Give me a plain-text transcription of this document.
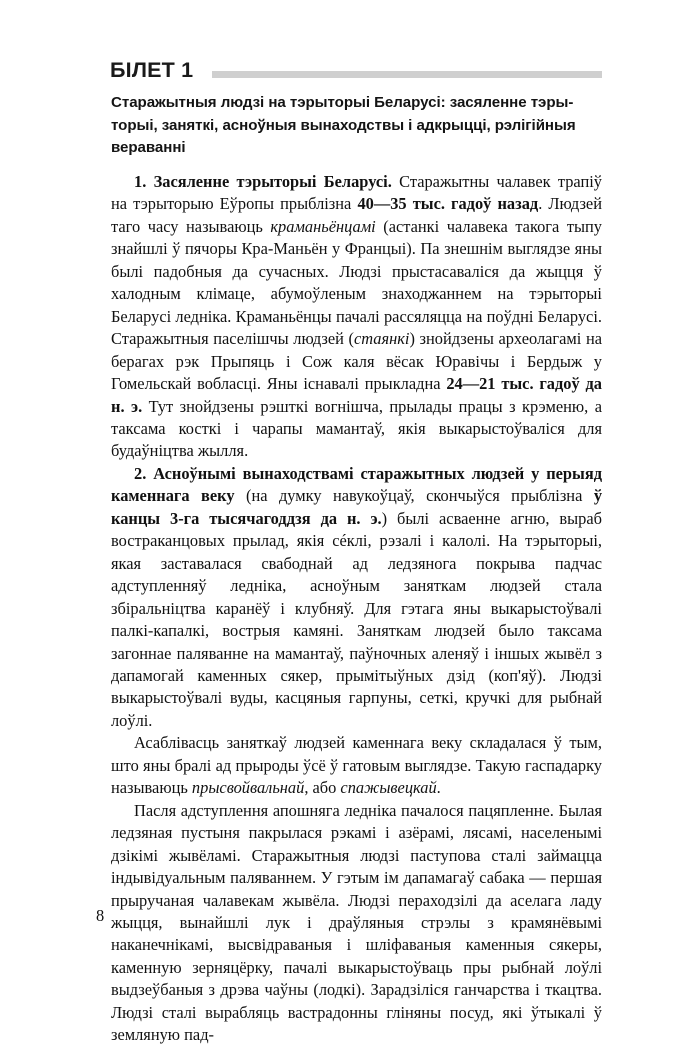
БІЛЕТ 1
Старажытныя людзі на тэрыторыі Беларусі: засяленне тэрыторыі, заняткі, асноўныя вынаходствы і адкрыцці, рэлігійныя вераванні

1. Засяленне тэрыторыі Беларусі. Старажытны чалавек трапіў на тэрыторыю Еўропы прыблізна 40—35 тыс. гадоў назад. Людзей таго часу называюць краманьёнцамі (астанкі чалавека такога тыпу знайшлі ў пячоры Кра-Маньён у Францыі). Па знешнім выглядзе яны былі падобныя да сучасных. Людзі прыстасаваліся да жыцця ў халодным клімаце, абумоўленым знаходжаннем на тэрыторыі Беларусі ледніка. Краманьёнцы пачалі рассяляцца на поўдні Беларусі. Старажытныя паселішчы людзей (стаянкі) знойдзены археолагамі на берагах рэк Прыпяць і Сож каля вёсак Юравічы і Бердыж у Гомельскай вобласці. Яны існавалі прыкладна 24—21 тыс. гадоў да н. э. Тут знойдзены рэшткі вогнішча, прылады працы з крэменю, а таксама косткі і чарапы мамантаў, якія выкарыстоўваліся для будаўніцтва жылля.

2. Асноўнымі вынаходствамі старажытных людзей у перыяд каменнага веку (на думку навукоўцаў, скончыўся прыблізна ў канцы 3-га тысячагоддзя да н. э.) былі асваенне агню, выраб востраканцовых прылад, якія céклі, рэзалі і калолі. На тэрыторыі, якая заставалася свабоднай ад ледзянога покрыва падчас адступленняў ледніка, асноўным заняткам людзей стала збіральніцтва каранёў і клубняў. Для гэтага яны выкарыстоўвалі палкі-капалкі, вострыя камяні. Заняткам людзей было таксама загоннае паляванне на мамантаў, паўночных аленяў і іншых жывёл з дапамогай каменных сякер, прымітыўных дзід (коп'яў). Людзі выкарыстоўвалі вуды, касцяныя гарпуны, сеткі, кручкі для рыбнай лоўлі.

Асаблівасць заняткаў людзей каменнага веку складалася ў тым, што яны бралі ад прыроды ўсё ў гатовым выглядзе. Такую гаспадарку называюць прысвойвальнай, або спажывецкай.

Пасля адступлення апошняга ледніка пачалося пацяпленне. Былая ледзяная пустыня пакрылася рэкамі і азёрамі, лясамі, населенымі дзікімі жывёламі. Старажытныя людзі паступова сталі займацца індывідуальным паляваннем. У гэтым ім дапамагаў сабака — першая прыручаная чалавекам жывёла. Людзі пераходзілі да аселага ладу жыцця, вынайшлі лук і драўляныя стрэлы з крамянёвымі наканечнікамі, высвідраваныя і шліфаваныя каменныя сякеры, каменную зерняцёрку, пачалі выкарыстоўваць пры рыбнай лоўлі выдзеўбаныя з дрэва чаўны (лодкі). Зарадзіліся ганчарства і ткацтва. Людзі сталі вырабляць вастрадонны гліняны посуд, які ўтыкалі ў земляную пад-

8
